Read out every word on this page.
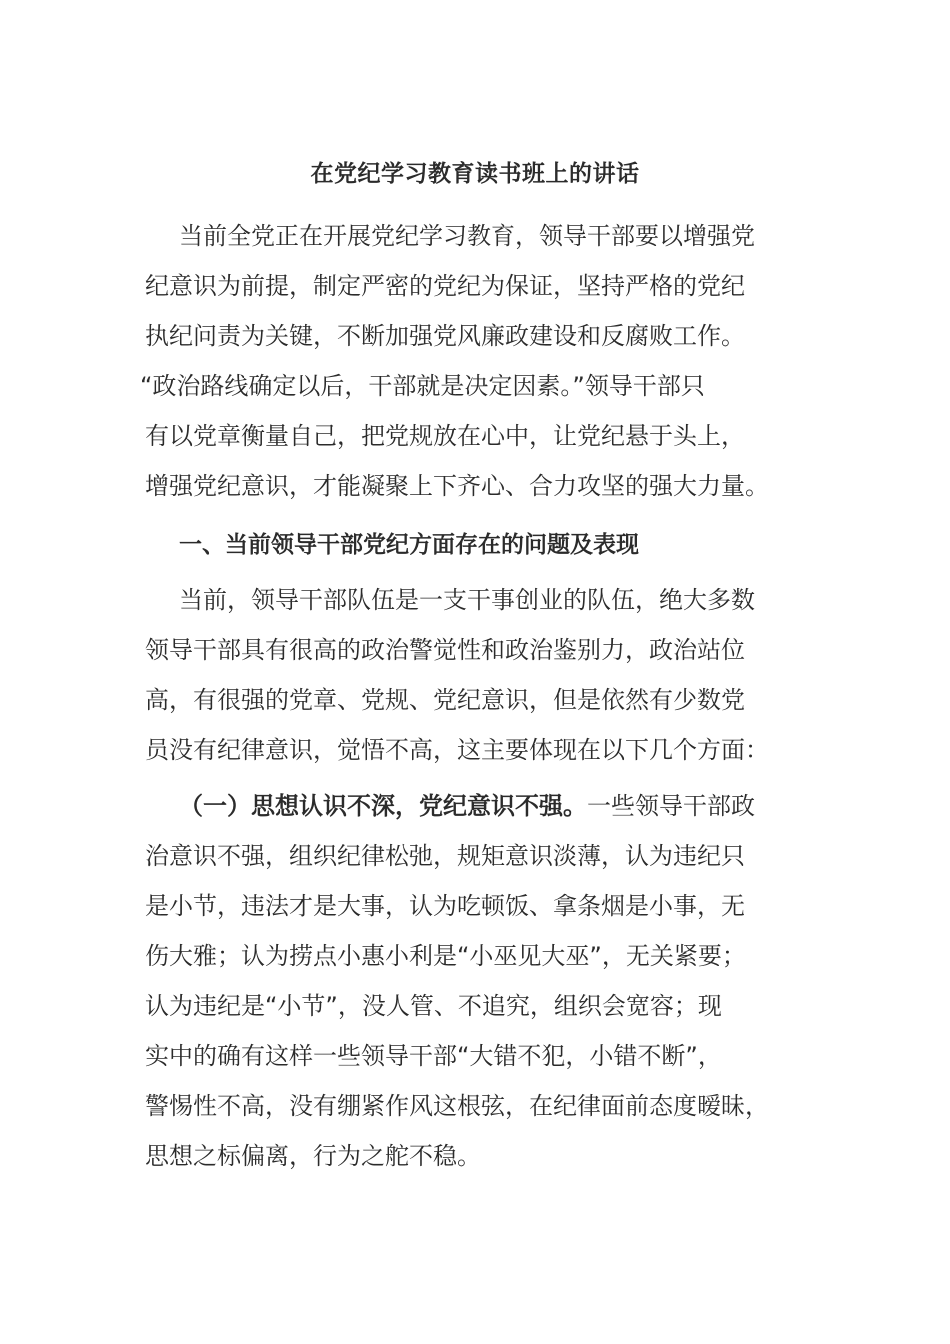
在党纪学习教育读书班上的讲话
当前全党正在开展党纪学习教育，领导干部要以增强党
纪意识为前提，制定严密的党纪为保证，坚持严格的党纪
执纪问责为关键，不断加强党风廉政建设和反腐败工作。
“政治路线确定以后，干部就是决定因素。”领导干部只
有以党章衡量自己，把党规放在心中，让党纪悬于头上，
增强党纪意识，才能凝聚上下齐心、合力攻坚的强大力量。
一、当前领导干部党纪方面存在的问题及表现
当前，领导干部队伍是一支干事创业的队伍，绝大多数
领导干部具有很高的政治警觉性和政治鉴别力，政治站位
高，有很强的党章、党规、党纪意识，但是依然有少数党
员没有纪律意识，觉悟不高，这主要体现在以下几个方面：
（一）思想认识不深，党纪意识不强。一些领导干部政
治意识不强，组织纪律松弛，规矩意识淡薄，认为违纪只
是小节，违法才是大事，认为吃顿饭、拿条烟是小事，无
伤大雅；认为捞点小惠小利是“小巫见大巫”，无关紧要；
认为违纪是“小节”，没人管、不追究，组织会宽容；现
实中的确有这样一些领导干部“大错不犯，小错不断”，
警惕性不高，没有绷紧作风这根弦，在纪律面前态度暧昧，
思想之标偏离，行为之舵不稳。
